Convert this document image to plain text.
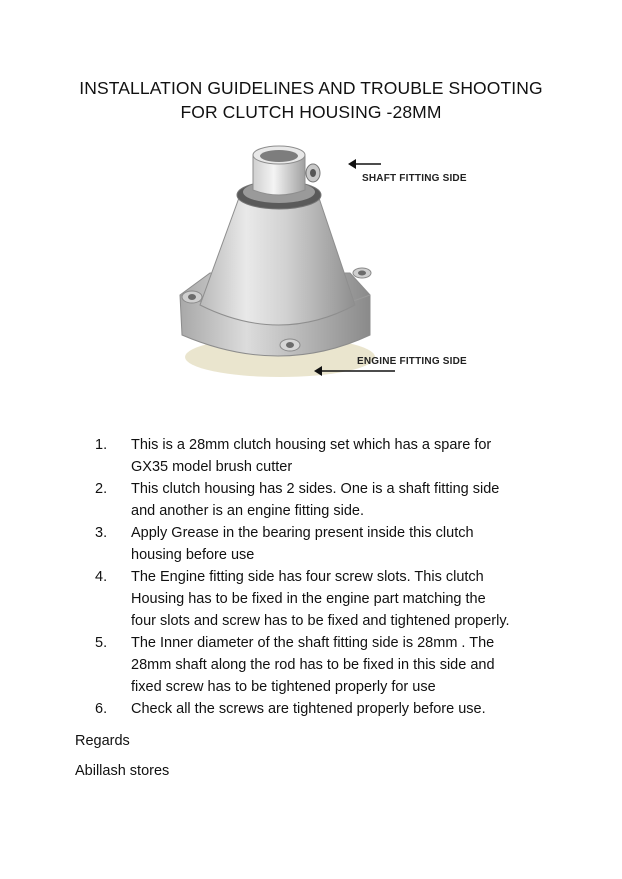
INSTALLATION GUIDELINES AND TROUBLE SHOOTING
FOR CLUTCH HOUSING -28MM
SHAFT FITTING SIDE
ENGINE FITTING SIDE
1. This is a 28mm clutch housing set which has a spare for
GX35 model brush cutter
2. This clutch housing has 2 sides. One is a shaft fitting side
and another is an engine fitting side.
3. Apply Grease in the bearing present inside this clutch
housing before use
4. The Engine fitting side has four screw slots. This clutch
Housing has to be fixed in the engine part matching the
four slots and screw has to be fixed and tightened properly.
5. The Inner diameter of the shaft fitting side is 28mm . The
28mm shaft along the rod has to be fixed in this side and
fixed screw has to be tightened properly for use
6. Check all the screws are tightened properly before use.
Regards
Abillash stores
